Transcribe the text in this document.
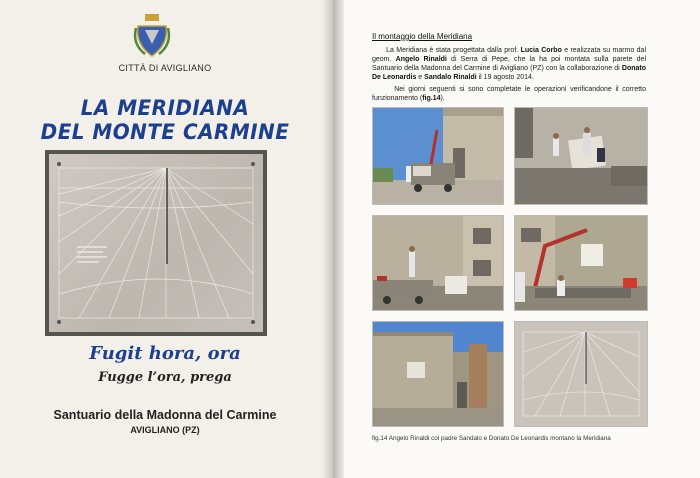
CITTÀ DI AVIGLIANO
LA MERIDIANA
DEL MONTE CARMINE
Fugit hora, ora
Fugge l’ora, prega
Santuario della Madonna del Carmine
AVIGLIANO (PZ)
Il montaggio della Meridiana
La Meridiana è stata progettata dalla prof. Lucia Corbo e realizzata su marmo dal geom. Angelo Rinaldi di Serra di Pepe, che la ha poi montata sulla parete del Santuario della Madonna del Carmine di Avigliano (PZ) con la collaborazione di Donato De Leonardis e Sandalo Rinaldi il 19 agosto 2014.
Nei giorni seguenti si sono completate le operazioni verificandone il corretto funzionamento (fig.14).
fig.14 Angelo Rinaldi col padre Sandalo e Donato De Leonardis montano la Meridiana
